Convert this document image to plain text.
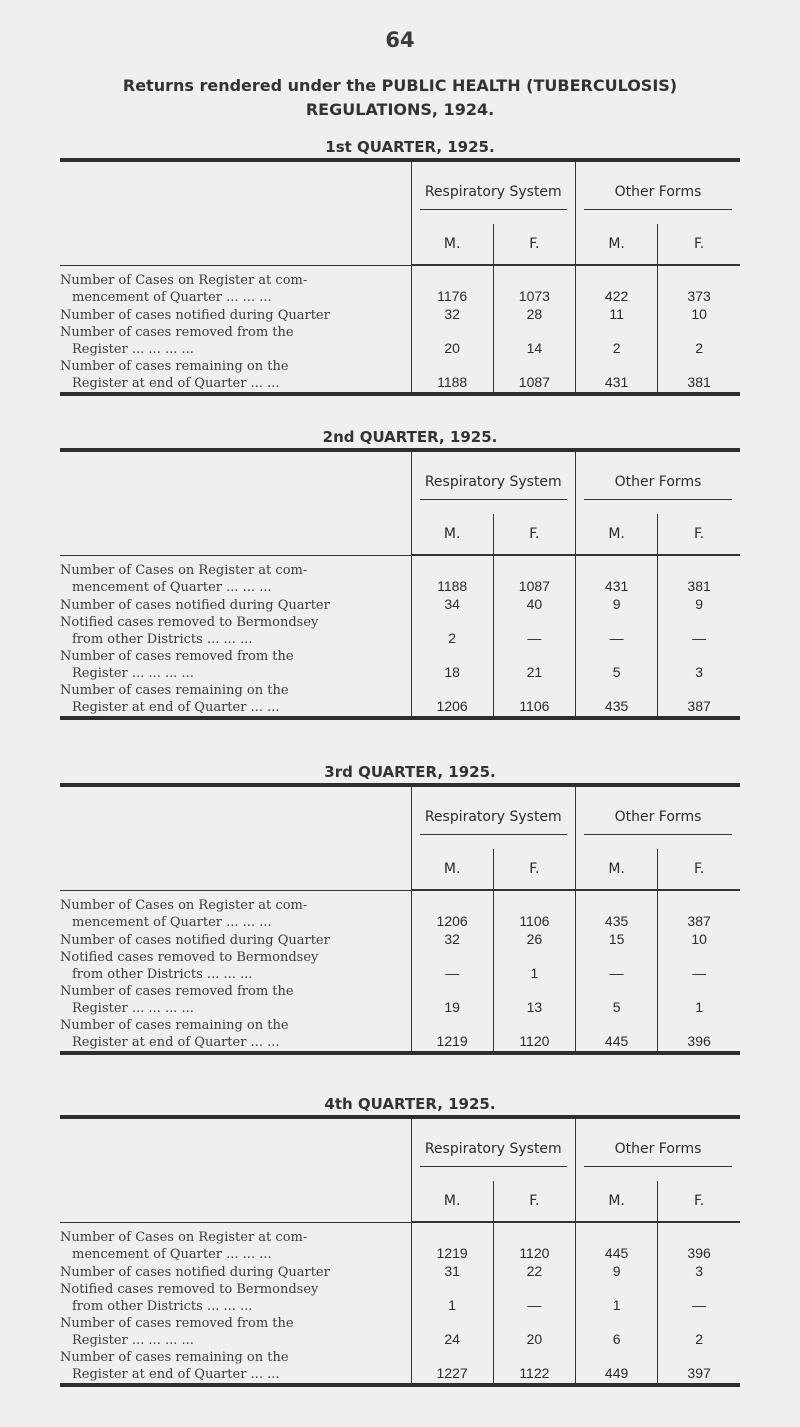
64
Returns rendered under the PUBLIC HEALTH (TUBERCULOSIS)
REGULATIONS, 1924.
1st QUARTER, 1925.

	Respiratory System		Other Forms	

	M.	F.	M.	F.

Number of Cases on Register at com-
mencement of Quarter ... ... ...	1176	1073	422	373

Number of cases notified during Quarter	32	28	11	10

Number of cases removed from the
Register ... ... ... ...	20	14	2	2

Number of cases remaining on the
Register at end of Quarter ... ...	1188	1087	431	381
2nd QUARTER, 1925.

	Respiratory System		Other Forms	

	M.	F.	M.	F.

Number of Cases on Register at com-
mencement of Quarter ... ... ...	1188	1087	431	381

Number of cases notified during Quarter	34	40	9	9

Notified cases removed to Bermondsey
from other Districts ... ... ...	2	—	—	—

Number of cases removed from the
Register ... ... ... ...	18	21	5	3

Number of cases remaining on the
Register at end of Quarter ... ...	1206	1106	435	387
3rd QUARTER, 1925.

	Respiratory System		Other Forms	

	M.	F.	M.	F.

Number of Cases on Register at com-
mencement of Quarter ... ... ...	1206	1106	435	387

Number of cases notified during Quarter	32	26	15	10

Notified cases removed to Bermondsey
from other Districts ... ... ...	—	1	—	—

Number of cases removed from the
Register ... ... ... ...	19	13	5	1

Number of cases remaining on the
Register at end of Quarter ... ...	1219	1120	445	396
4th QUARTER, 1925.

	Respiratory System		Other Forms	

	M.	F.	M.	F.

Number of Cases on Register at com-
mencement of Quarter ... ... ...	1219	1120	445	396

Number of cases notified during Quarter	31	22	9	3

Notified cases removed to Bermondsey
from other Districts ... ... ...	1	—	1	—

Number of cases removed from the
Register ... ... ... ...	24	20	6	2

Number of cases remaining on the
Register at end of Quarter ... ...	1227	1122	449	397
